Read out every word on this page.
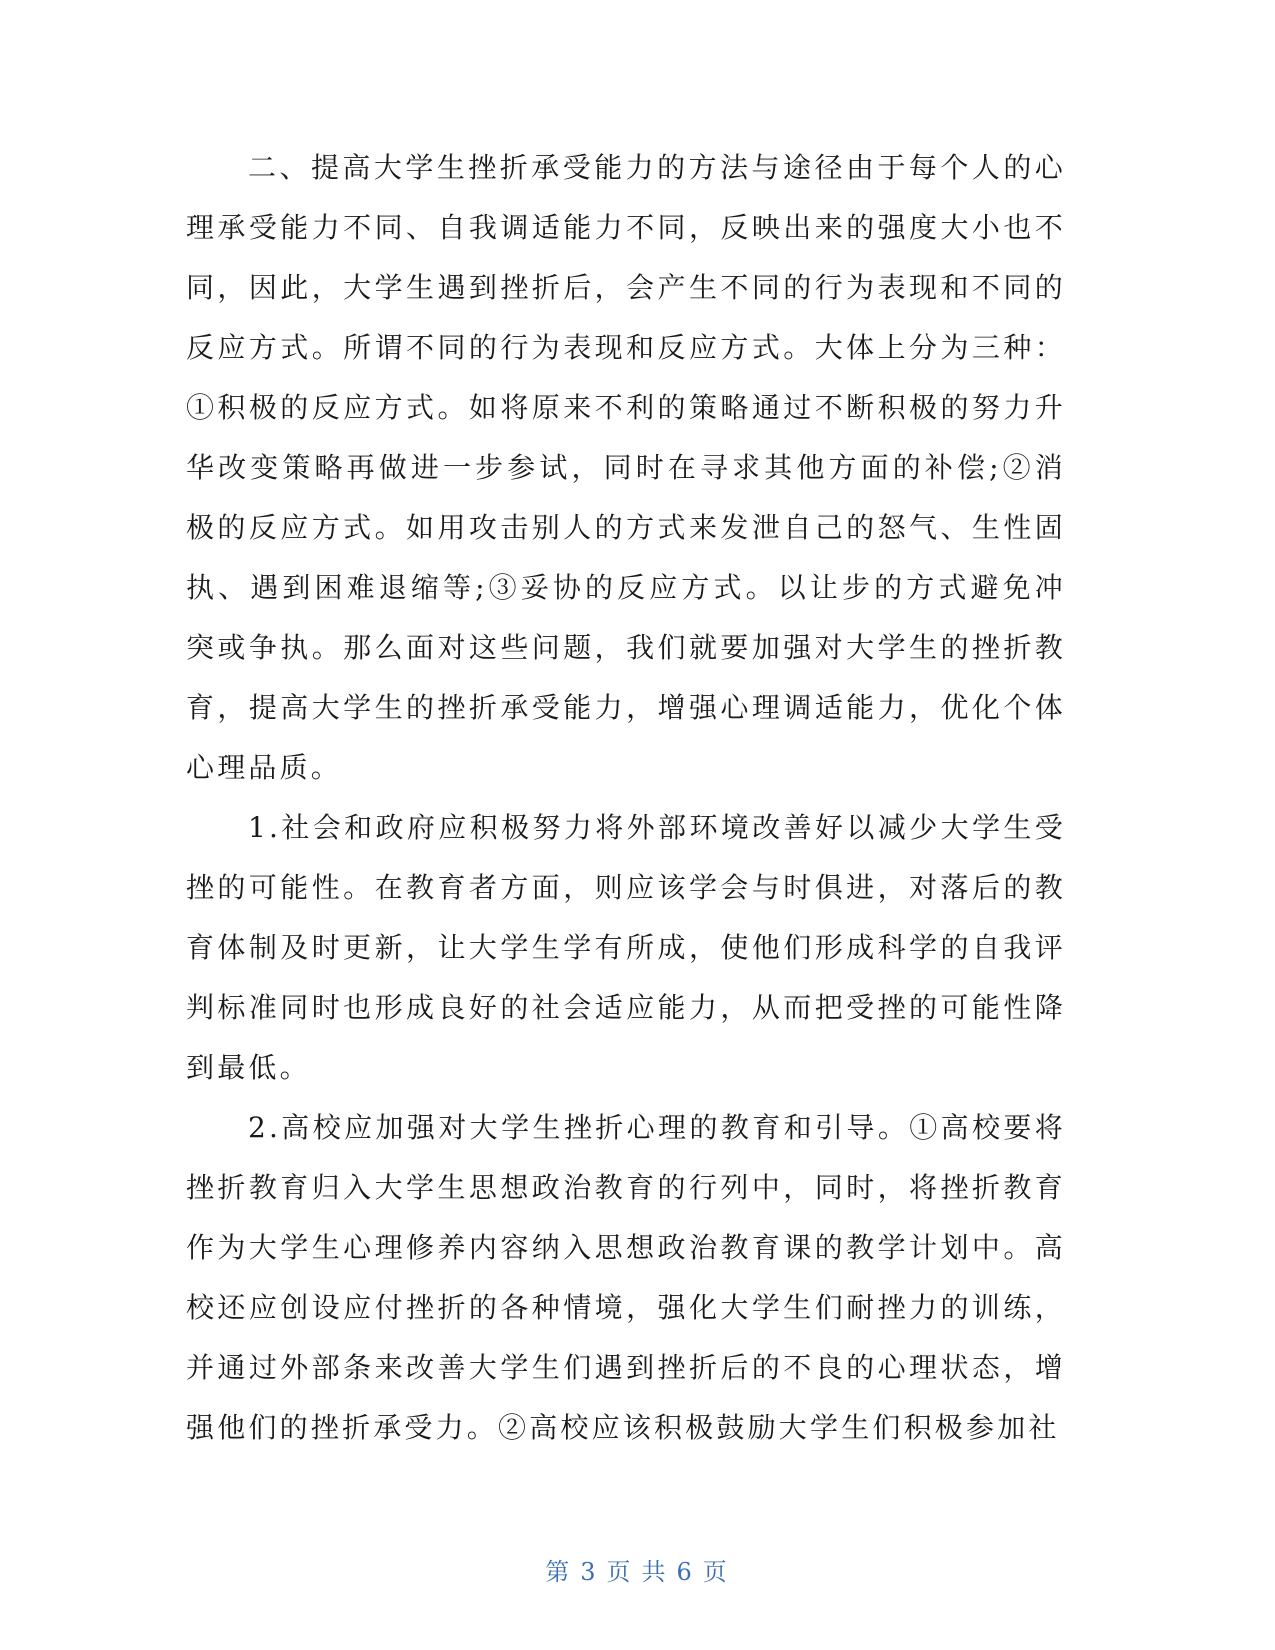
二、提高大学生挫折承受能力的方法与途径由于每个人的心理承受能力不同、自我调适能力不同，反映出来的强度大小也不同，因此，大学生遇到挫折后，会产生不同的行为表现和不同的反应方式。所谓不同的行为表现和反应方式。大体上分为三种：①积极的反应方式。如将原来不利的策略通过不断积极的努力升华改变策略再做进一步参试，同时在寻求其他方面的补偿;②消极的反应方式。如用攻击别人的方式来发泄自己的怒气、生性固执、遇到困难退缩等;③妥协的反应方式。以让步的方式避免冲突或争执。那么面对这些问题，我们就要加强对大学生的挫折教育，提高大学生的挫折承受能力，增强心理调适能力，优化个体心理品质。

1.社会和政府应积极努力将外部环境改善好以减少大学生受挫的可能性。在教育者方面，则应该学会与时俱进，对落后的教育体制及时更新，让大学生学有所成，使他们形成科学的自我评判标准同时也形成良好的社会适应能力，从而把受挫的可能性降到最低。

2.高校应加强对大学生挫折心理的教育和引导。①高校要将挫折教育归入大学生思想政治教育的行列中，同时，将挫折教育作为大学生心理修养内容纳入思想政治教育课的教学计划中。高校还应创设应付挫折的各种情境，强化大学生们耐挫力的训练，并通过外部条来改善大学生们遇到挫折后的不良的心理状态，增强他们的挫折承受力。②高校应该积极鼓励大学生们积极参加社

第 3 页 共 6 页
